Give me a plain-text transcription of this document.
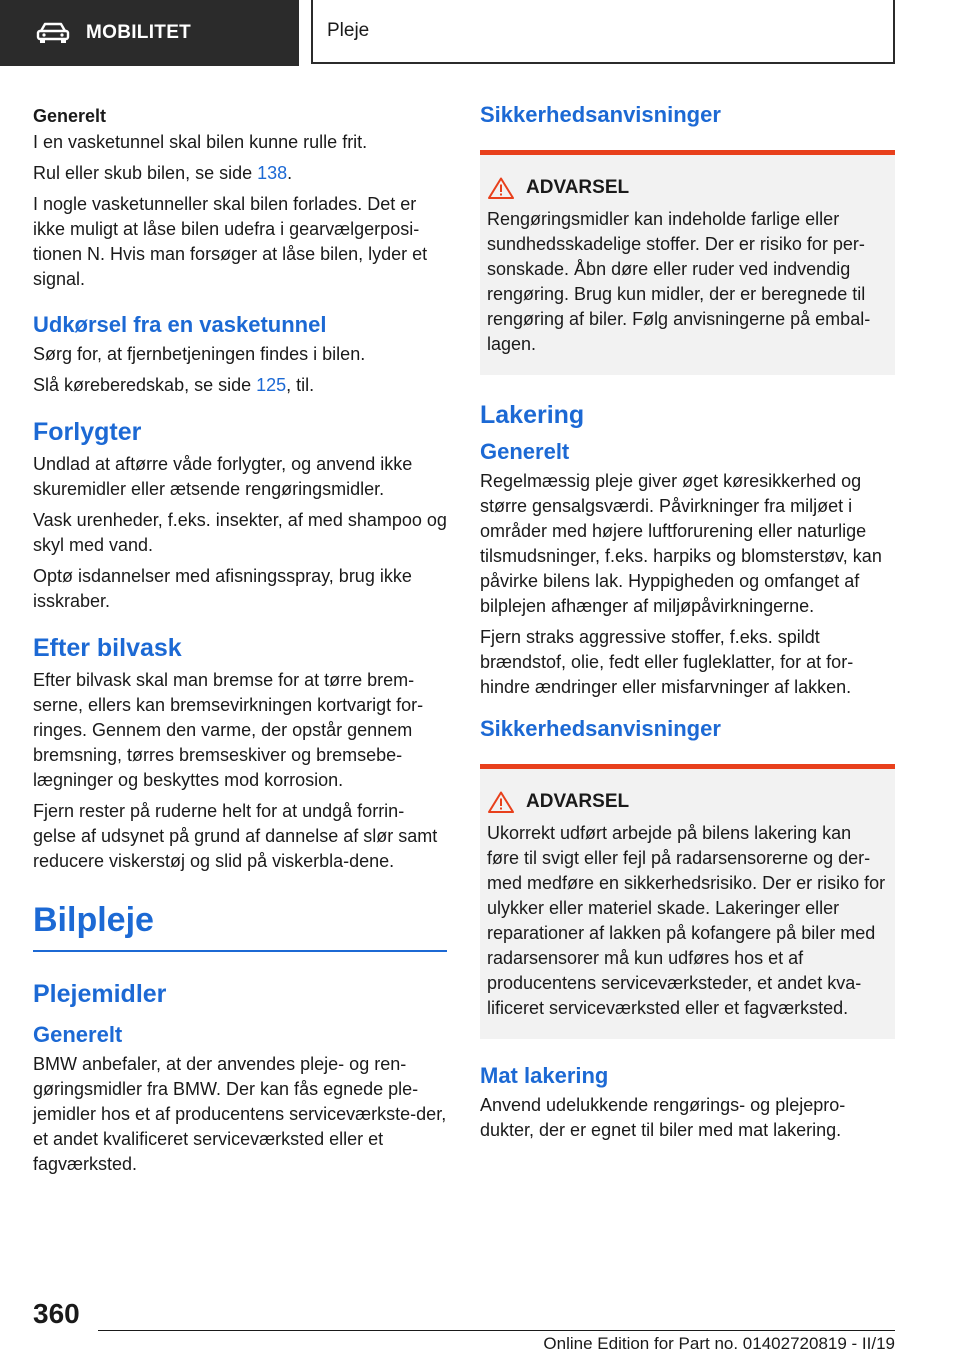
MOBILITET	Pleje
Generelt

I en vasketunnel skal bilen kunne rulle frit.

Rul eller skub bilen, se side 138.

I nogle vasketunneller skal bilen forlades. Det er ikke muligt at låse bilen udefra i gearvælgerposi-tionen N. Hvis man forsøger at låse bilen, lyder et signal.

Udkørsel fra en vasketunnel

Sørg for, at fjernbetjeningen findes i bilen.

Slå køreberedskab, se side 125, til.

Forlygter

Undlad at aftørre våde forlygter, og anvend ikke skuremidler eller ætsende rengøringsmidler.

Vask urenheder, f.eks. insekter, af med shampoo og skyl med vand.

Optø isdannelser med afisningsspray, brug ikke isskraber.

Efter bilvask

Efter bilvask skal man bremse for at tørre brem-serne, ellers kan bremsevirkningen kortvarigt for-ringes. Gennem den varme, der opstår gennem bremsning, tørres bremseskiver og bremsebe-lægninger og beskyttes mod korrosion.

Fjern rester på ruderne helt for at undgå forrin-gelse af udsynet på grund af dannelse af slør samt reducere viskerstøj og slid på viskerbla-dene.

Bilpleje
Plejemidler
Generelt

BMW anbefaler, at der anvendes pleje- og ren-gøringsmidler fra BMW. Der kan fås egnede ple-jemidler hos et af producentens serviceværkste-der, et andet kvalificeret serviceværksted eller et fagværksted.

Sikkerhedsanvisninger
ADVARSEL

Rengøringsmidler kan indeholde farlige eller sundhedsskadelige stoffer. Der er risiko for per-sonskade. Åbn døre eller ruder ved indvendig rengøring. Brug kun midler, der er beregnede til rengøring af biler. Følg anvisningerne på embal-lagen.

Lakering
Generelt

Regelmæssig pleje giver øget køresikkerhed og større gensalgsværdi. Påvirkninger fra miljøet i områder med højere luftforurening eller naturlige tilsmudsninger, f.eks. harpiks og blomsterstøv, kan påvirke bilens lak. Hyppigheden og omfanget af bilplejen afhænger af miljøpåvirkningerne.

Fjern straks aggressive stoffer, f.eks. spildt brændstof, olie, fedt eller fugleklatter, for at for-hindre ændringer eller misfarvninger af lakken.

Sikkerhedsanvisninger
ADVARSEL

Ukorrekt udført arbejde på bilens lakering kan føre til svigt eller fejl på radarsensorerne og der-med medføre en sikkerhedsrisiko. Der er risiko for ulykker eller materiel skade. Lakeringer eller reparationer af lakken på kofangere på biler med radarsensorer må kun udføres hos et af producentens serviceværksteder, et andet kva-lificeret serviceværksted eller et fagværksted.

Mat lakering

Anvend udelukkende rengørings- og plejepro-dukter, der er egnet til biler med mat lakering.

360
Online Edition for Part no. 01402720819 - II/19
